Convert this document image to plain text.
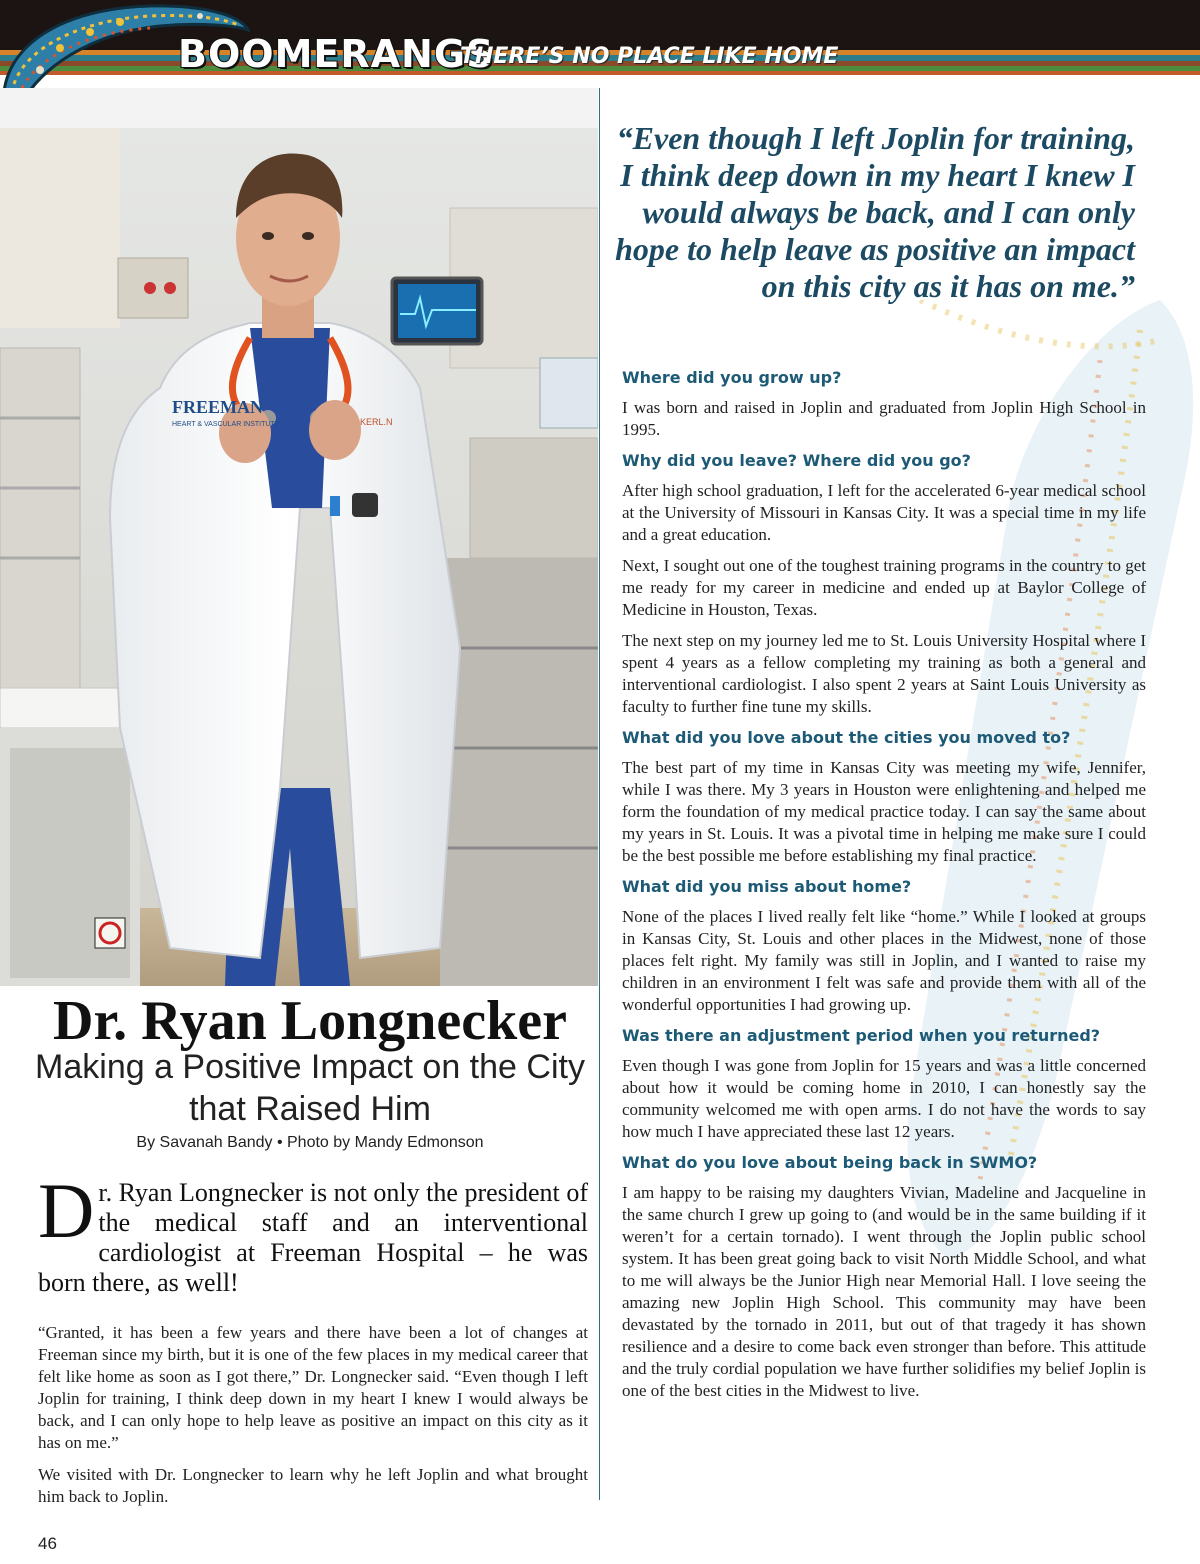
BOOMERANGS
THERE’S NO PLACE LIKE HOME
FREEMAN
HEART & VASCULAR INSTITUTE	KERL.N
Dr. Ryan Longnecker
Making a Positive Impact on the City that Raised Him
By Savanah Bandy • Photo by Mandy Edmonson
Dr. Ryan Longnecker is not only the president of the medical staff and an interventional cardiologist at Freeman Hospital – he was born there, as well!

“Granted, it has been a few years and there have been a lot of changes at Freeman since my birth, but it is one of the few places in my medical career that felt like home as soon as I got there,” Dr. Longnecker said. “Even though I left Joplin for training, I think deep down in my heart I knew I would always be back, and I can only hope to help leave as positive an impact on this city as it has on me.”

We visited with Dr. Longnecker to learn why he left Joplin and what brought him back to Joplin.

46
“Even though I left Joplin for training, I think deep down in my heart I knew I would always be back, and I can only hope to help leave as positive an impact on this city as it has on me.”
Where did you grow up?

I was born and raised in Joplin and graduated from Joplin High School in 1995.

Why did you leave? Where did you go?

After high school graduation, I left for the accelerated 6-year medical school at the University of Missouri in Kansas City. It was a special time in my life and a great education.

Next, I sought out one of the toughest training programs in the country to get me ready for my career in medicine and ended up at Baylor College of Medicine in Houston, Texas.

The next step on my journey led me to St. Louis University Hospital where I spent 4 years as a fellow completing my training as both a general and interventional cardiologist. I also spent 2 years at Saint Louis University as faculty to further fine tune my skills.

What did you love about the cities you moved to?

The best part of my time in Kansas City was meeting my wife, Jennifer, while I was there. My 3 years in Houston were enlightening and helped me form the foundation of my medical practice today. I can say the same about my years in St. Louis. It was a pivotal time in helping me make sure I could be the best possible me before establishing my final practice.

What did you miss about home?

None of the places I lived really felt like “home.” While I looked at groups in Kansas City, St. Louis and other places in the Midwest, none of those places felt right. My family was still in Joplin, and I wanted to raise my children in an environment I felt was safe and provide them with all of the wonderful opportunities I had growing up.

Was there an adjustment period when you returned?

Even though I was gone from Joplin for 15 years and was a little concerned about how it would be coming home in 2010, I can honestly say the community welcomed me with open arms. I do not have the words to say how much I have appreciated these last 12 years.

What do you love about being back in SWMO?

I am happy to be raising my daughters Vivian, Madeline and Jacqueline in the same church I grew up going to (and would be in the same building if it weren’t for a certain tornado). I went through the Joplin public school system. It has been great going back to visit North Middle School, and what to me will always be the Junior High near Memorial Hall. I love seeing the amazing new Joplin High School. This community may have been devastated by the tornado in 2011, but out of that tragedy it has shown resilience and a desire to come back even stronger than before. This attitude and the truly cordial population we have further solidifies my belief Joplin is one of the best cities in the Midwest to live.
